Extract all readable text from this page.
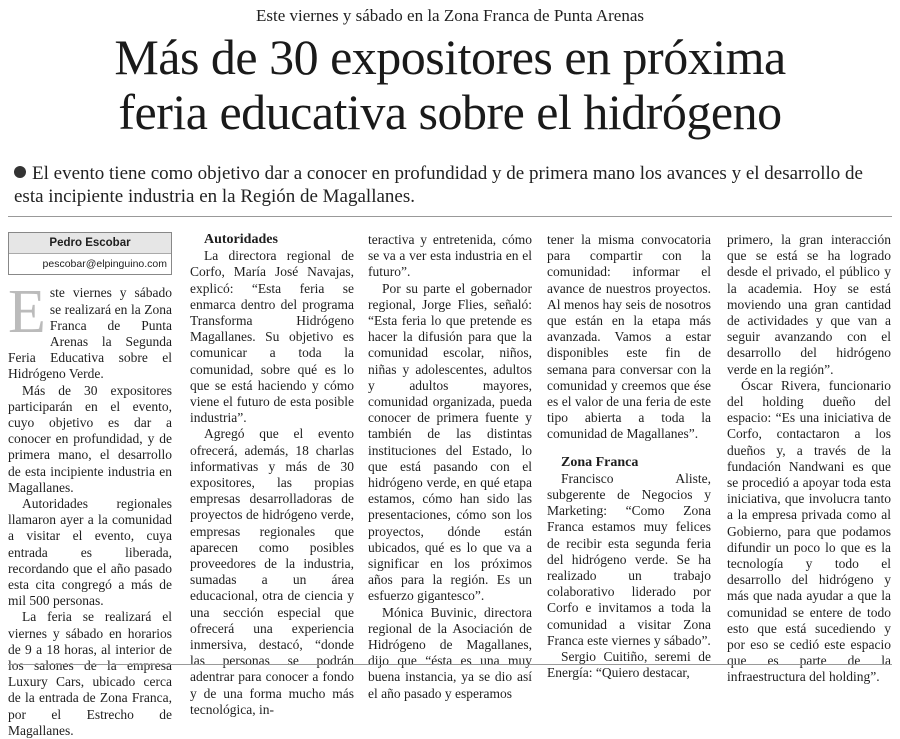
Este viernes y sábado en la Zona Franca de Punta Arenas
Más de 30 expositores en próxima
feria educativa sobre el hidrógeno
El evento tiene como objetivo dar a conocer en profundidad y de primera mano los avances y el desarrollo de esta incipiente industria en la Región de Magallanes.
Pedro Escobar
pescobar@elpinguino.com

Este viernes y sábado se realizará en la Zona Franca de Punta Arenas la Segunda Feria Educativa sobre el Hidrógeno Verde.

Más de 30 expositores participarán en el evento, cuyo objetivo es dar a conocer en profundidad, y de primera mano, el desarrollo de esta incipiente industria en Magallanes.

Autoridades regionales llamaron ayer a la comunidad a visitar el evento, cuya entrada es liberada, recordando que el año pasado esta cita congregó a más de mil 500 personas.

La feria se realizará el viernes y sábado en horarios de 9 a 18 horas, al interior de los salones de la empresa Luxury Cars, ubicado cerca de la entrada de Zona Franca, por el Estrecho de Magallanes.

Autoridades

La directora regional de Corfo, María José Navajas, explicó: “Esta feria se enmarca dentro del programa Transforma Hidrógeno Magallanes. Su objetivo es comunicar a toda la comunidad, sobre qué es lo que se está haciendo y cómo viene el futuro de esta posible industria”.

Agregó que el evento ofrecerá, además, 18 charlas informativas y más de 30 expositores, las propias empresas desarrolladoras de proyectos de hidrógeno verde, empresas regionales que aparecen como posibles proveedores de la industria, sumadas a un área educacional, otra de ciencia y una sección especial que ofrecerá una experiencia inmersiva, destacó, “donde las personas se podrán adentrar para conocer a fondo y de una forma mucho más tecnológica, in-

teractiva y entretenida, cómo se va a ver esta industria en el futuro”.

Por su parte el gobernador regional, Jorge Flies, señaló: “Esta feria lo que pretende es hacer la difusión para que la comunidad escolar, niños, niñas y adolescentes, adultos y adultos mayores, comunidad organizada, pueda conocer de primera fuente y también de las distintas instituciones del Estado, lo que está pasando con el hidrógeno verde, en qué etapa estamos, cómo han sido las presentaciones, cómo son los proyectos, dónde están ubicados, qué es lo que va a significar en los próximos años para la región. Es un esfuerzo gigantesco”.

Mónica Buvinic, directora regional de la Asociación de Hidrógeno de Magallanes, dijo que “ésta es una muy buena instancia, ya se dio así el año pasado y esperamos

tener la misma convocatoria para compartir con la comunidad: informar el avance de nuestros proyectos. Al menos hay seis de nosotros que están en la etapa más avanzada. Vamos a estar disponibles este fin de semana para conversar con la comunidad y creemos que ése es el valor de una feria de este tipo abierta a toda la comunidad de Magallanes”.

Zona Franca

Francisco Aliste, subgerente de Negocios y Marketing: “Como Zona Franca estamos muy felices de recibir esta segunda feria del hidrógeno verde. Se ha realizado un trabajo colaborativo liderado por Corfo e invitamos a toda la comunidad a visitar Zona Franca este viernes y sábado”.

Sergio Cuitiño, seremi de Energía: “Quiero destacar,

primero, la gran interacción que se está se ha logrado desde el privado, el público y la academia. Hoy se está moviendo una gran cantidad de actividades y que van a seguir avanzando con el desarrollo del hidrógeno verde en la región”.

Óscar Rivera, funcionario del holding dueño del espacio: “Es una iniciativa de Corfo, contactaron a los dueños y, a través de la fundación Nandwani es que se procedió a apoyar toda esta iniciativa, que involucra tanto a la empresa privada como al Gobierno, para que podamos difundir un poco lo que es la tecnología y todo el desarrollo del hidrógeno y más que nada ayudar a que la comunidad se entere de todo esto que está sucediendo y por eso se cedió este espacio que es parte de la infraestructura del holding”.
